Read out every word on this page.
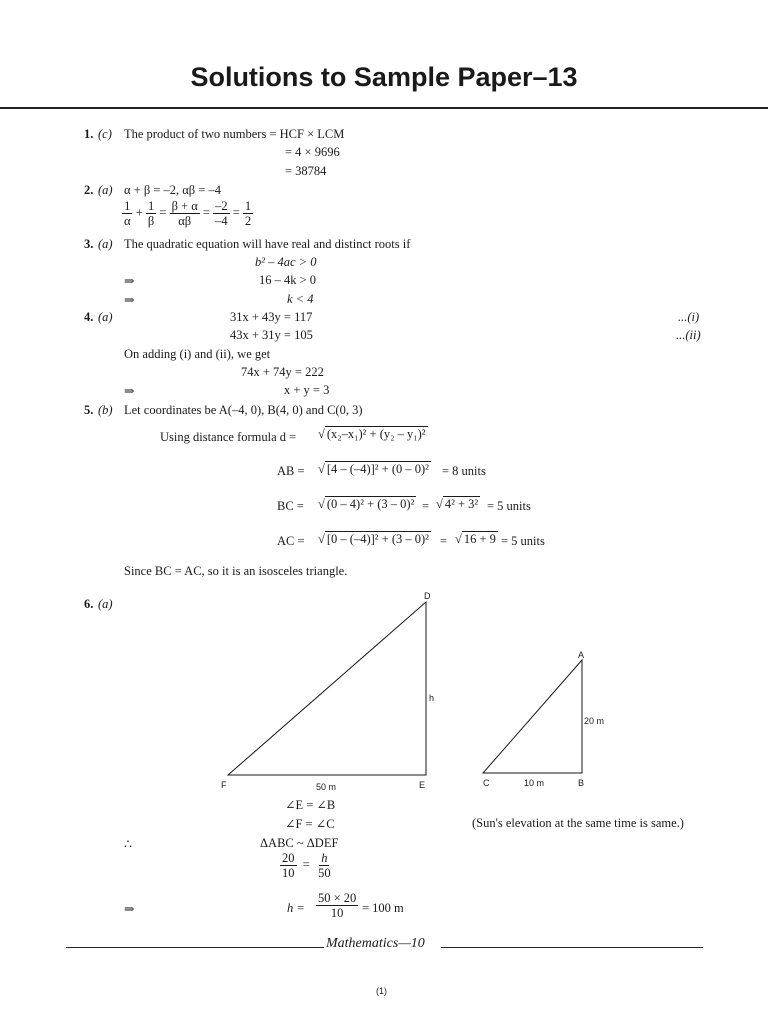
Solutions to Sample Paper–13
1. (c) The product of two numbers = HCF × LCM
= 4 × 9696
= 38784
2. (a) α + β = –2, αβ = –4
$\frac{1}{\alpha} + \frac{1}{\beta} = \frac{\beta + \alpha}{\alpha\beta} = \frac{-2}{-4} = \frac{1}{2}$
3. (a) The quadratic equation will have real and distinct roots if
b² – 4ac > 0
⇒	16 – 4k > 0
⇒	k < 4
4. (a)	31x + 43y = 117	...(i)
43x + 31y = 105	...(ii)
On adding (i) and (ii), we get
74x + 74y = 222
⇒	x + y = 3
5. (b) Let coordinates be A(–4, 0), B(4, 0) and C(0, 3)
Using distance formula d = √ (x₂–x₁)² + (y₂ – y₁)²
AB = √ [4 – (–4)]² + (0 – 0)² = 8 units
BC = √ (0 – 4)² + (3 – 0)² = √ 4² + 3² = 5 units
AC = √ [0 – (–4)]² + (3 – 0)² = √ 16 + 9 = 5 units
Since BC = AC, so it is an isosceles triangle.
6. (a)
D
E
F
h
50 m
A
B
C
20 m
10 m
∠E = ∠B
∠F = ∠C	(Sun's elevation at the same time is same.)
∴	ΔABC ~ ΔDEF
$\frac{20}{10} = \frac{h}{50}$
⇒	$h = \frac{50 \times 20}{10} = 100$ m
Mathematics—10
(1)
